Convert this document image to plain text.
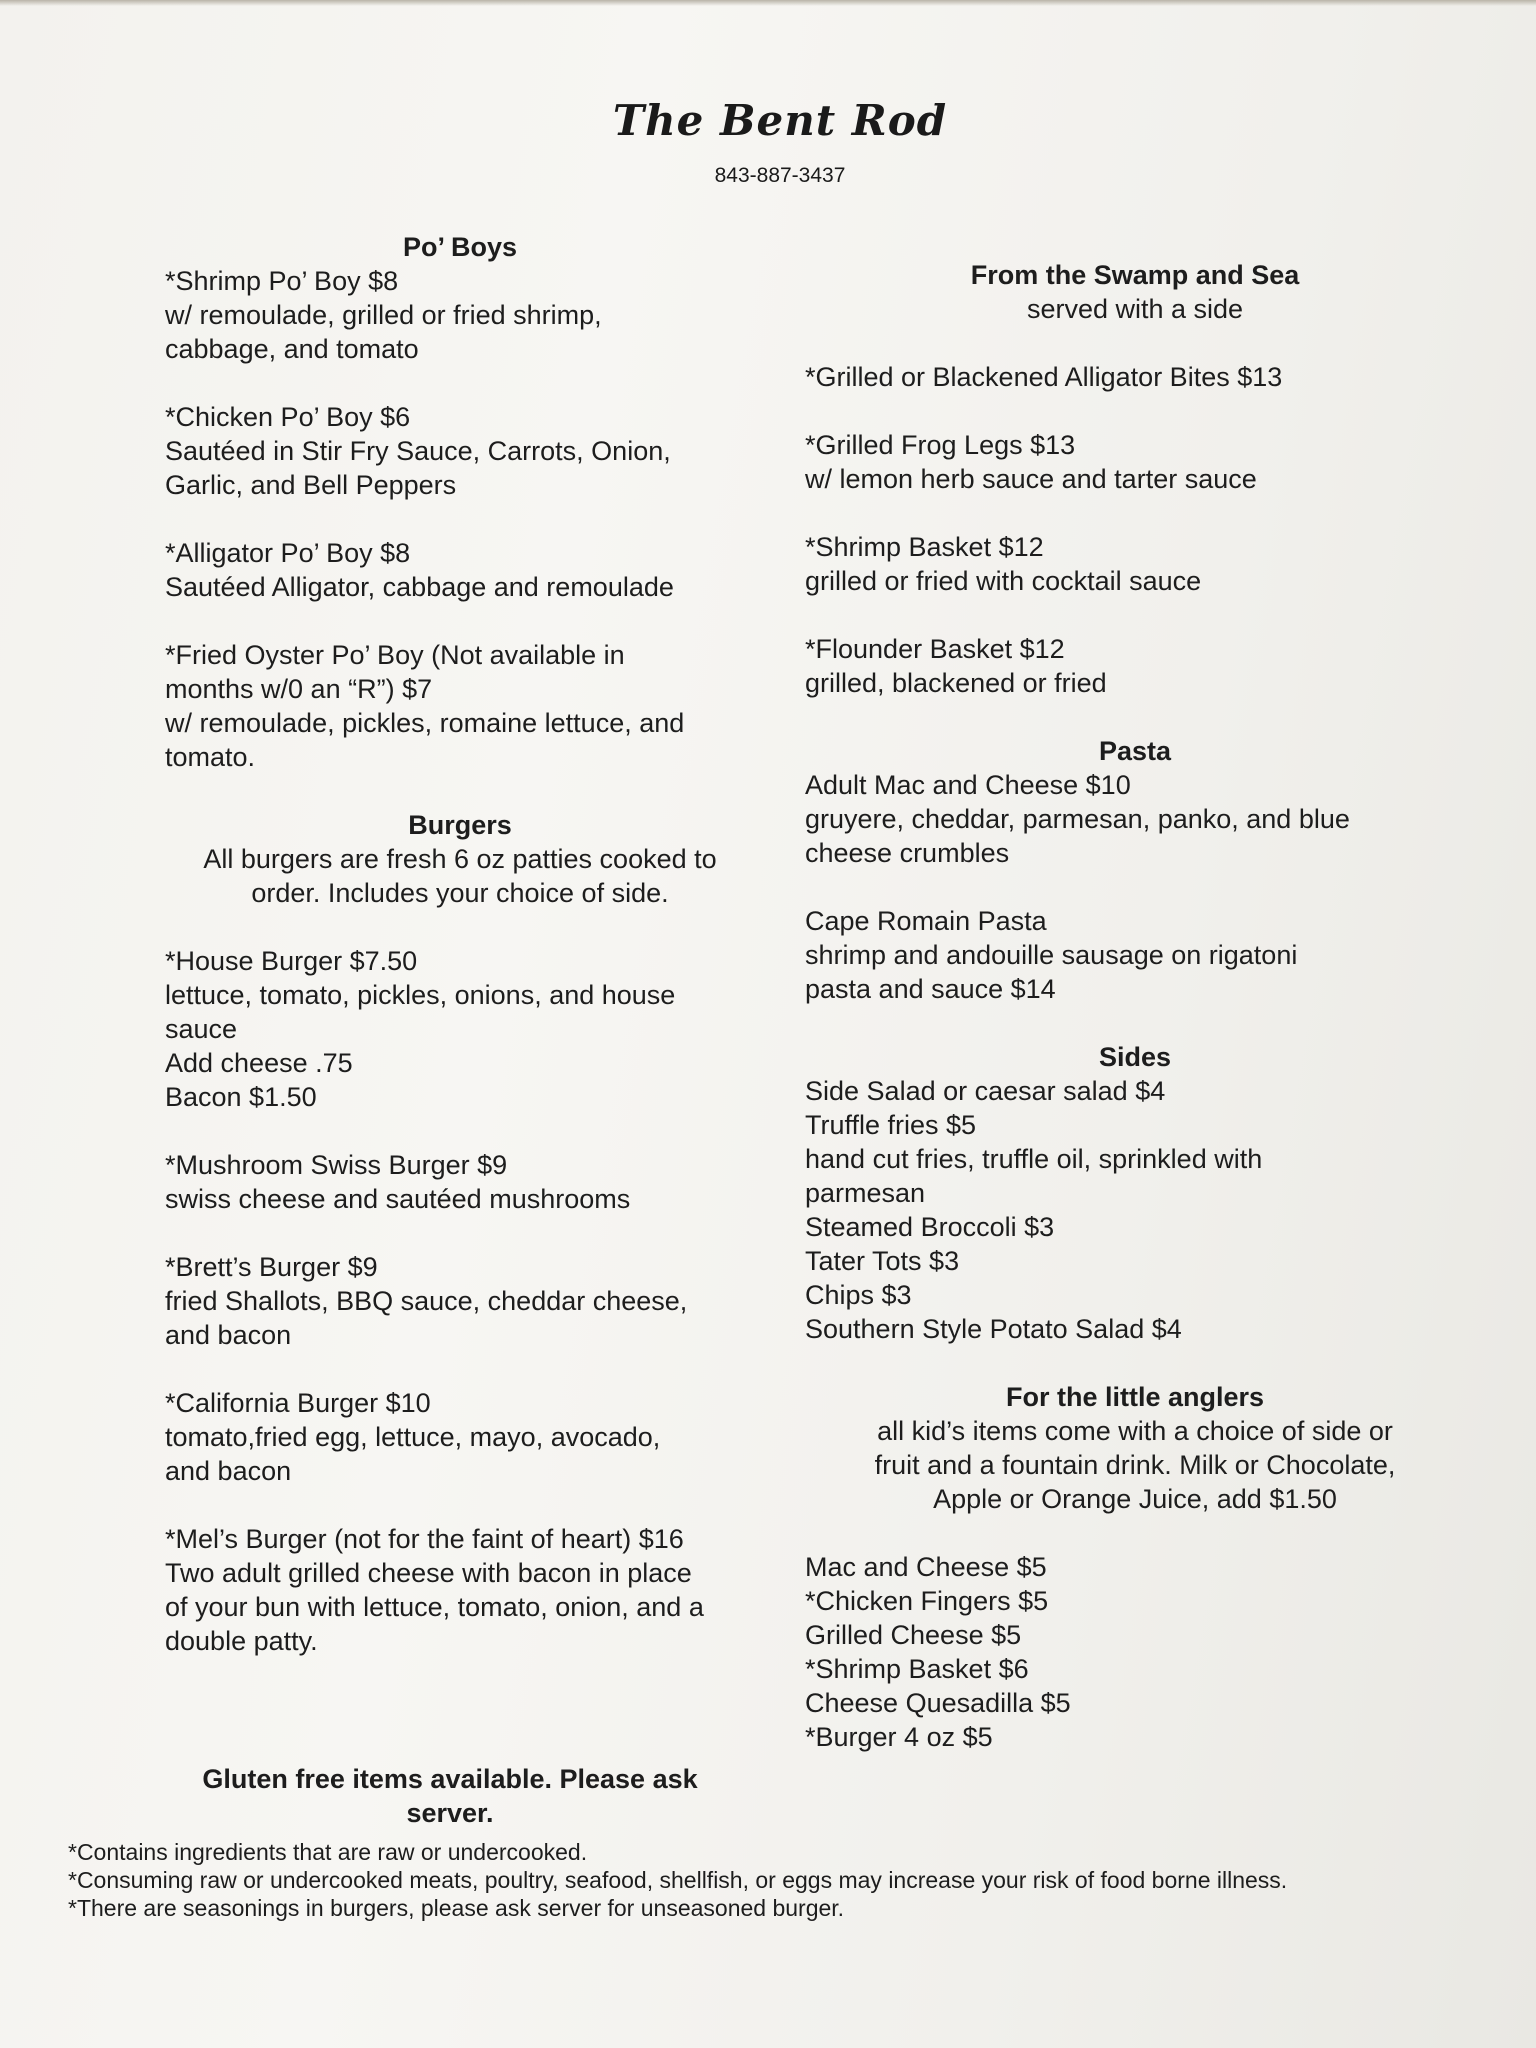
The Bent Rod
843-887-3437
Po’ Boys
*Shrimp Po’ Boy $8
w/ remoulade, grilled or fried shrimp,
cabbage, and tomato
*Chicken Po’ Boy $6
Sautéed in Stir Fry Sauce, Carrots, Onion,
Garlic, and Bell Peppers
*Alligator Po’ Boy $8
Sautéed Alligator, cabbage and remoulade
*Fried Oyster Po’ Boy (Not available in
months w/0 an “R”) $7
w/ remoulade, pickles, romaine lettuce, and
tomato.
Burgers
All burgers are fresh 6 oz patties cooked to
order. Includes your choice of side.
*House Burger $7.50
lettuce, tomato, pickles, onions, and house
sauce
Add cheese .75
Bacon $1.50
*Mushroom Swiss Burger $9
swiss cheese and sautéed mushrooms
*Brett’s Burger $9
fried Shallots, BBQ sauce, cheddar cheese,
and bacon
*California Burger $10
tomato,fried egg, lettuce, mayo, avocado,
and bacon
*Mel’s Burger (not for the faint of heart) $16
Two adult grilled cheese with bacon in place
of your bun with lettuce, tomato, onion, and a
double patty.
From the Swamp and Sea
served with a side
*Grilled or Blackened Alligator Bites $13
*Grilled Frog Legs $13
w/ lemon herb sauce and tarter sauce
*Shrimp Basket $12
grilled or fried with cocktail sauce
*Flounder Basket $12
grilled, blackened or fried
Pasta
Adult Mac and Cheese $10
gruyere, cheddar, parmesan, panko, and blue
cheese crumbles
Cape Romain Pasta
shrimp and andouille sausage on rigatoni
pasta and sauce $14
Sides
Side Salad or caesar salad $4
Truffle fries $5
hand cut fries, truffle oil, sprinkled with
parmesan
Steamed Broccoli $3
Tater Tots $3
Chips $3
Southern Style Potato Salad $4
For the little anglers
all kid’s items come with a choice of side or
fruit and a fountain drink. Milk or Chocolate,
Apple or Orange Juice, add $1.50
Mac and Cheese $5
*Chicken Fingers $5
Grilled Cheese $5
*Shrimp Basket $6
Cheese Quesadilla $5
*Burger 4 oz $5
Gluten free items available. Please ask
server.
*Contains ingredients that are raw or undercooked.
*Consuming raw or undercooked meats, poultry, seafood, shellfish, or eggs may increase your risk of food borne illness.
*There are seasonings in burgers, please ask server for unseasoned burger.
